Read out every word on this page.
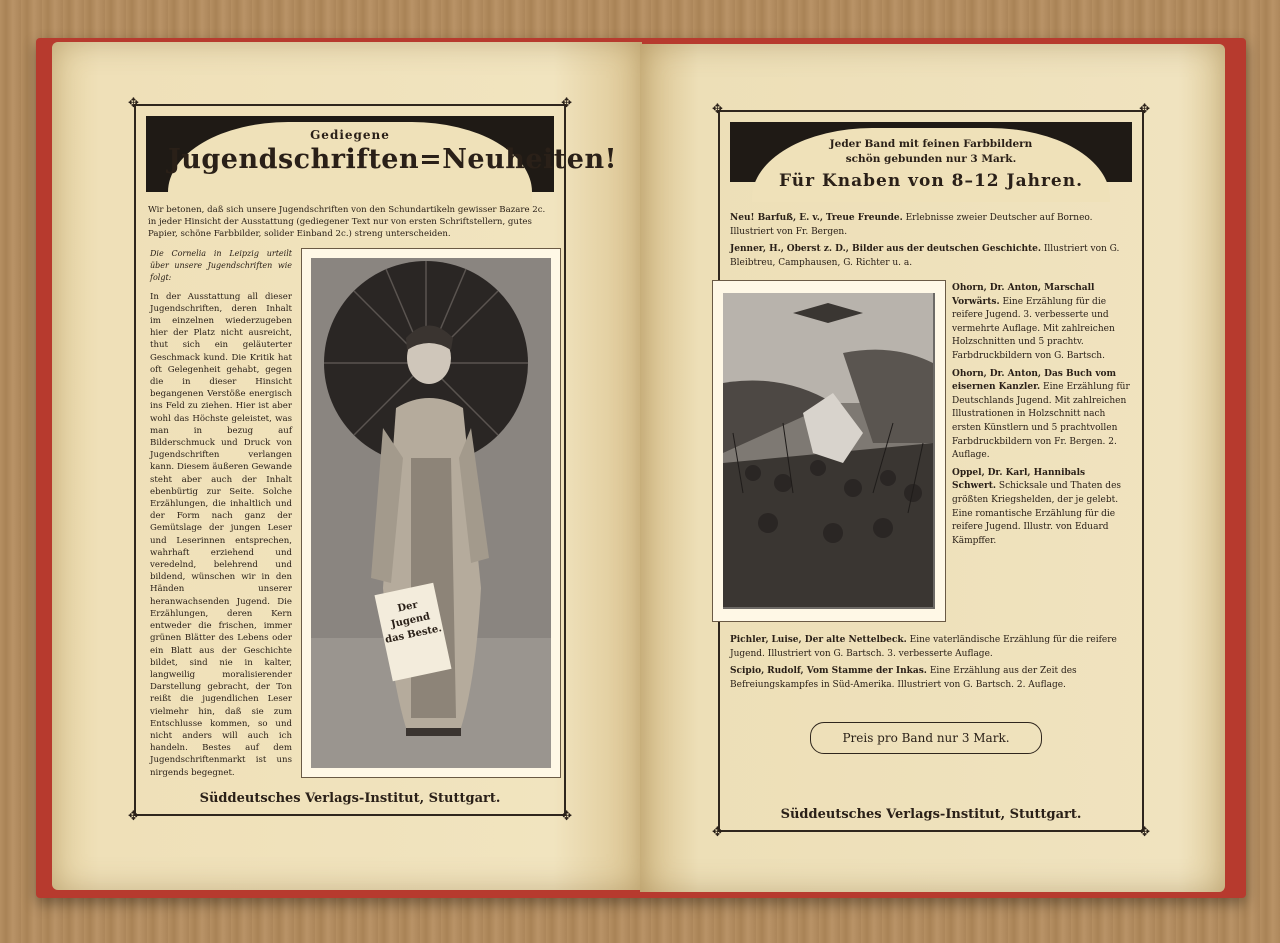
✥	✥
✥	✥
Gediegene
Jugendschriften=Neuheiten!
Wir betonen, daß sich unsere Jugendschriften von den Schundartikeln gewisser Bazare 2c. in jeder Hinsicht der Ausstattung (gediegener Text nur von ersten Schriftstellern, gutes Papier, schöne Farbbilder, solider Einband 2c.) streng unterscheiden.
Die Cornelia in Leipzig urteilt über unsere Jugendschriften wie folgt:
In der Ausstattung all dieser Jugendschriften, deren Inhalt im einzelnen wiederzugeben hier der Platz nicht ausreicht, thut sich ein geläuterter Geschmack kund. Die Kritik hat oft Gelegenheit gehabt, gegen die in dieser Hinsicht begangenen Verstöße energisch ins Feld zu ziehen. Hier ist aber wohl das Höchste geleistet, was man in bezug auf Bilderschmuck und Druck von Jugendschriften verlangen kann. Diesem äußeren Gewande steht aber auch der Inhalt ebenbürtig zur Seite. Solche Erzählungen, die inhaltlich und der Form nach ganz der Gemütslage der jungen Leser und Leserinnen entsprechen, wahrhaft erziehend und veredelnd, belehrend und bildend, wünschen wir in den Händen unserer heranwachsenden Jugend. Die Erzählungen, deren Kern entweder die frischen, immer grünen Blätter des Lebens oder ein Blatt aus der Geschichte bildet, sind nie in kalter, langweilig moralisierender Darstellung gebracht, der Ton reißt die jugendlichen Leser vielmehr hin, daß sie zum Entschlusse kommen, so und nicht anders will auch ich handeln. Bestes auf dem Jugendschriftenmarkt ist uns nirgends begegnet.
Der Jugend das Beste.
Süddeutsches Verlags-Institut, Stuttgart.
✥	✥
✥	✥
Jeder Band mit feinen Farbbildern
schön gebunden nur 3 Mark.
Für Knaben von 8–12 Jahren.
Neu! Barfuß, E. v., Treue Freunde. Erlebnisse zweier Deutscher auf Borneo. Illustriert von Fr. Bergen.
Jenner, H., Oberst z. D., Bilder aus der deutschen Geschichte. Illustriert von G. Bleibtreu, Camphausen, G. Richter u. a.
Ohorn, Dr. Anton, Marschall Vorwärts. Eine Erzählung für die reifere Jugend. 3. verbesserte und vermehrte Auflage. Mit zahlreichen Holzschnitten und 5 prachtv. Farbdruckbildern von G. Bartsch.
Ohorn, Dr. Anton, Das Buch vom eisernen Kanzler. Eine Erzählung für Deutschlands Jugend. Mit zahlreichen Illustrationen in Holzschnitt nach ersten Künstlern und 5 prachtvollen Farbdruckbildern von Fr. Bergen. 2. Auflage.
Oppel, Dr. Karl, Hannibals Schwert. Schicksale und Thaten des größten Kriegshelden, der je gelebt. Eine romantische Erzählung für die reifere Jugend. Illustr. von Eduard Kämpffer.
Pichler, Luise, Der alte Nettelbeck. Eine vaterländische Erzählung für die reifere Jugend. Illustriert von G. Bartsch. 3. verbesserte Auflage.
Scipio, Rudolf, Vom Stamme der Inkas. Eine Erzählung aus der Zeit des Befreiungskampfes in Süd-Amerika. Illustriert von G. Bartsch. 2. Auflage.
Preis pro Band nur 3 Mark.
Süddeutsches Verlags-Institut, Stuttgart.
